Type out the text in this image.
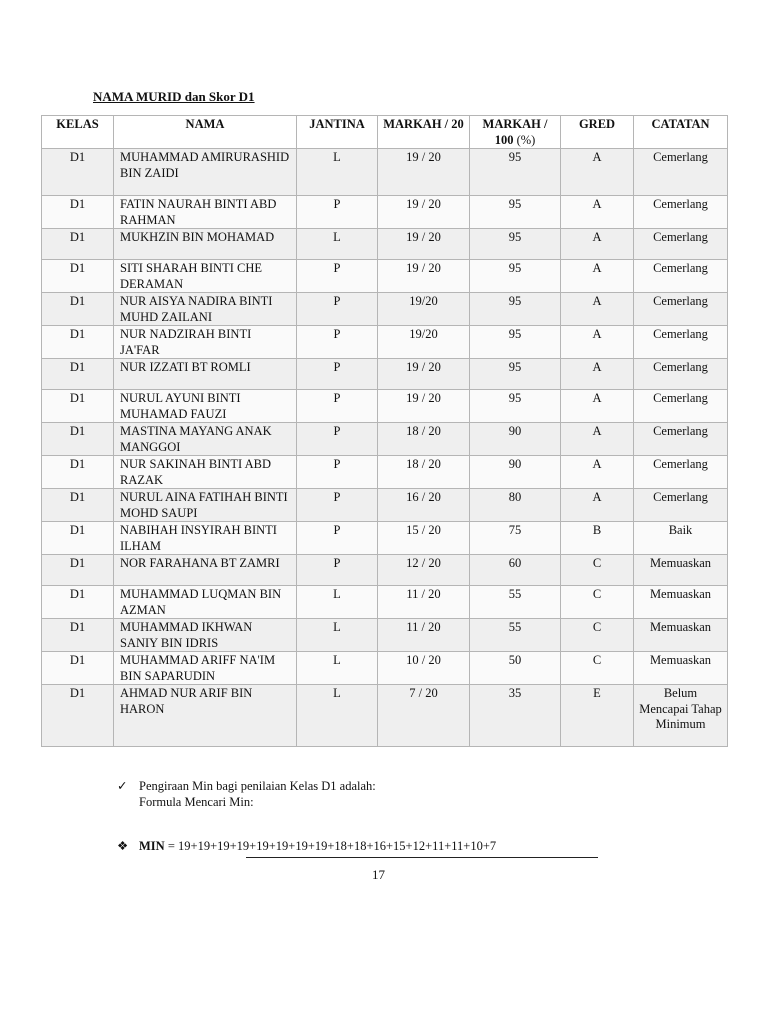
NAMA MURID dan Skor D1
KELAS	NAMA	JANTINA	MARKAH / 20	MARKAH / 100 (%)	GRED	CATATAN
D1	MUHAMMAD AMIRURASHID BIN ZAIDI	L	19 / 20	95	A	Cemerlang
D1	FATIN NAURAH BINTI ABD RAHMAN	P	19 / 20	95	A	Cemerlang
D1	MUKHZIN BIN MOHAMAD	L	19 / 20	95	A	Cemerlang
D1	SITI SHARAH BINTI CHE DERAMAN	P	19 / 20	95	A	Cemerlang
D1	NUR AISYA NADIRA BINTI MUHD ZAILANI	P	19/20	95	A	Cemerlang
D1	NUR NADZIRAH BINTI JA'FAR	P	19/20	95	A	Cemerlang
D1	NUR IZZATI BT ROMLI	P	19 / 20	95	A	Cemerlang
D1	NURUL AYUNI BINTI MUHAMAD FAUZI	P	19 / 20	95	A	Cemerlang
D1	MASTINA MAYANG ANAK MANGGOI	P	18 / 20	90	A	Cemerlang
D1	NUR SAKINAH BINTI ABD RAZAK	P	18 / 20	90	A	Cemerlang
D1	NURUL AINA FATIHAH BINTI MOHD SAUPI	P	16 / 20	80	A	Cemerlang
D1	NABIHAH INSYIRAH BINTI ILHAM	P	15 / 20	75	B	Baik
D1	NOR FARAHANA BT ZAMRI	P	12 / 20	60	C	Memuaskan
D1	MUHAMMAD LUQMAN BIN AZMAN	L	11 / 20	55	C	Memuaskan
D1	MUHAMMAD IKHWAN SANIY BIN IDRIS	L	11 / 20	55	C	Memuaskan
D1	MUHAMMAD ARIFF NA'IM BIN SAPARUDIN	L	10 / 20	50	C	Memuaskan
D1	AHMAD NUR ARIF BIN HARON	L	7 / 20	35	E	Belum Mencapai Tahap Minimum
✓ Pengiraan Min bagi penilaian Kelas D1 adalah:
Formula Mencari Min:
❖ MIN = 19+19+19+19+19+19+19+19+18+18+16+15+12+11+11+10+7
17
